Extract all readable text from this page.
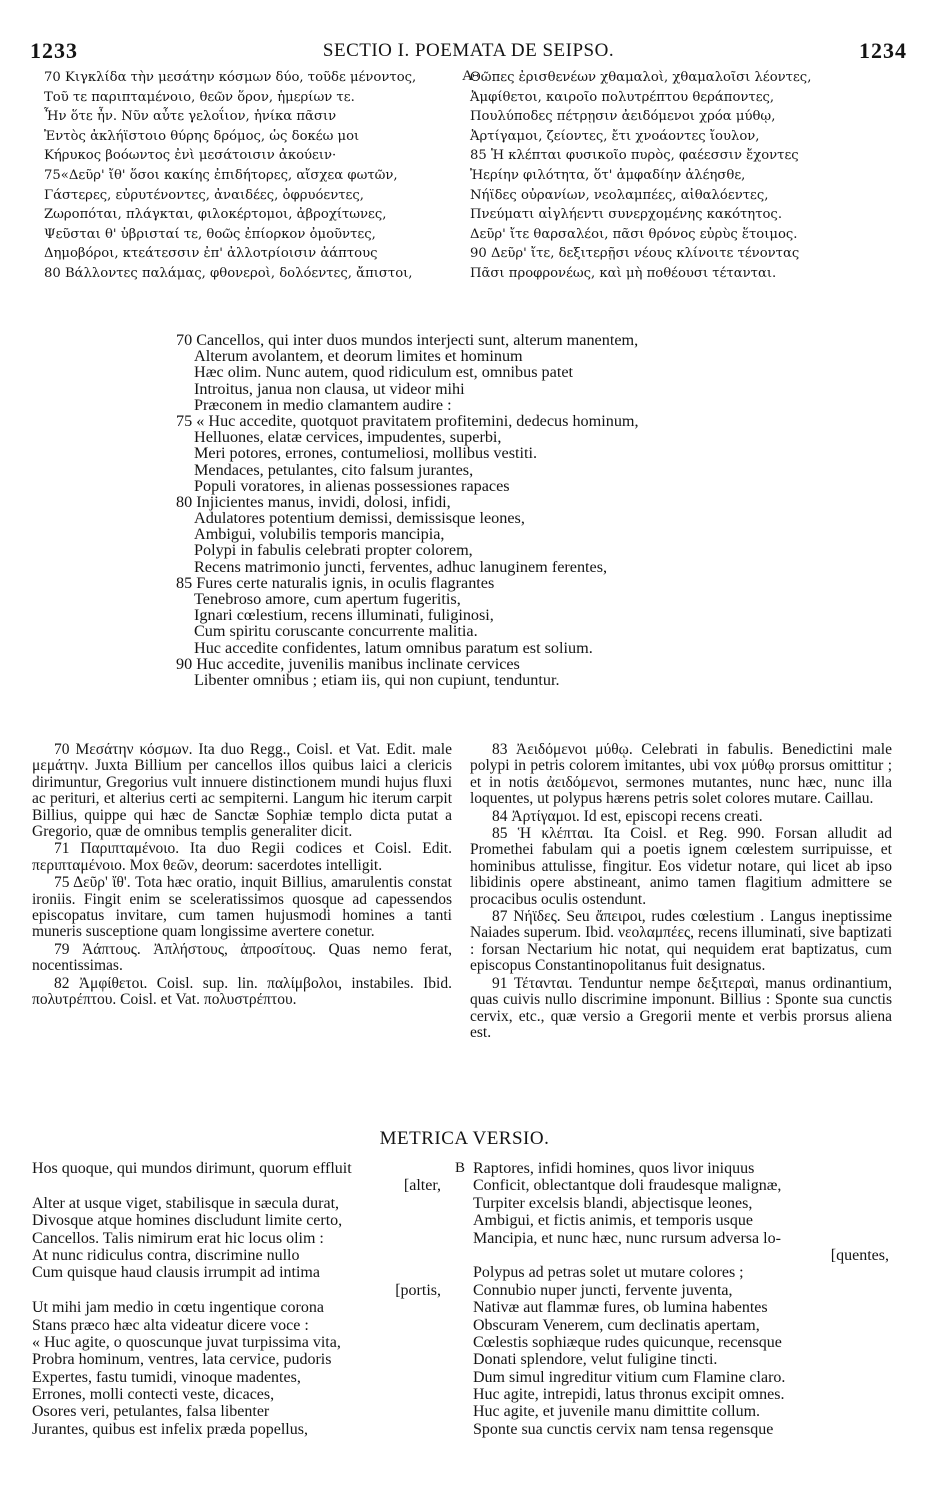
1233	SECTIO I. POEMATA DE SEIPSO.	1234
70 Κιγκλίδα τὴν μεσάτην κόσμων δύο, τοῦδε μένοντος,
Τοῦ τε παριπταμένοιο, θεῶν ὅρον, ἡμερίων τε.
Ἦν ὅτε ἦν. Νῦν αὖτε γελοΐιον, ἡνίκα πᾶσιν
Ἐντὸς ἀκλήϊστοιο θύρης δρόμος, ὡς δοκέω μοι
Κήρυκος βοόωντος ἐνὶ μεσάτοισιν ἀκούειν·
75«Δεῦρ' ἴθ' ὅσοι κακίης ἐπιδήτορες, αἴσχεα φωτῶν,
Γάστερες, εὐρυτένοντες, ἀναιδέες, ὀφρυόεντες,
Ζωροπόται, πλάγκται, φιλοκέρτομοι, ἀβροχίτωνες,
Ψεῦσται θ' ὑβρισταί τε, θοῶς ἐπίορκον ὀμοῦντες,
Δημοβόροι, κτεάτεσσιν ἐπ' ἀλλοτρίοισιν ἀάπτους
80 Βάλλοντες παλάμας, φθονεροὶ, δολόεντες, ἄπιστοι,
A
Θῶπες ἐρισθενέων χθαμαλοὶ, χθαμαλοῖσι λέοντες,
Ἀμφίθετοι, καιροῖο πολυτρέπτου θεράποντες,
Πουλύποδες πέτρῃσιν ἀειδόμενοι χρόα μύθῳ,
Ἀρτίγαμοι, ζείοντες, ἔτι χνοάοντες ἴουλον,
85 Ἡ κλέπται φυσικοῖο πυρὸς, φαέεσσιν ἔχοντες
Ἠερίην φιλότητα, ὅτ' ἀμφαδίην ἀλέησθε,
Νήϊδες οὐρανίων, νεολαμπέες, αἰθαλόεντες,
Πνεύματι αἰγλήεντι συνερχομένης κακότητος.
Δεῦρ' ἴτε θαρσαλέοι, πᾶσι θρόνος εὐρὺς ἕτοιμος.
90 Δεῦρ' ἴτε, δεξιτερῇσι νέους κλίνοιτε τένοντας
Πᾶσι προφρονέως, καὶ μὴ ποθέουσι τέτανται.
70 Cancellos, qui inter duos mundos interjecti sunt, alterum manentem,
Alterum avolantem, et deorum limites et hominum
Hæc olim. Nunc autem, quod ridiculum est, omnibus patet
Introitus, janua non clausa, ut videor mihi
Præconem in medio clamantem audire :
75 « Huc accedite, quotquot pravitatem profitemini, dedecus hominum,
Helluones, elatæ cervices, impudentes, superbi,
Meri potores, errones, contumeliosi, mollibus vestiti.
Mendaces, petulantes, cito falsum jurantes,
Populi voratores, in alienas possessiones rapaces
80 Injicientes manus, invidi, dolosi, infidi,
Adulatores potentium demissi, demissisque leones,
Ambigui, volubilis temporis mancipia,
Polypi in fabulis celebrati propter colorem,
Recens matrimonio juncti, ferventes, adhuc lanuginem ferentes,
85 Fures certe naturalis ignis, in oculis flagrantes
Tenebroso amore, cum apertum fugeritis,
Ignari cœlestium, recens illuminati, fuliginosi,
Cum spiritu coruscante concurrente malitia.
Huc accedite confidentes, latum omnibus paratum est solium.
90 Huc accedite, juvenilis manibus inclinate cervices
Libenter omnibus ; etiam iis, qui non cupiunt, tenduntur.

70 Μεσάτην κόσμων. Ita duo Regg., Coisl. et Vat. Edit. male μεμάτην. Juxta Billium per cancellos illos quibus laici a clericis dirimuntur, Gregorius vult innuere distinctionem mundi hujus fluxi ac perituri, et alterius certi ac sempiterni. Langum hic iterum carpit Billius, quippe qui hæc de Sanctæ Sophiæ templo dicta putat a Gregorio, quæ de omnibus templis generaliter dicit.

71 Παριπταμένοιο. Ita duo Regii codices et Coisl. Edit. περιπταμένοιο. Mox θεῶν, deorum: sacerdotes intelligit.

75 Δεῦρ' ἴθ'. Tota hæc oratio, inquit Billius, amarulentis constat ironiis. Fingit enim se sceleratissimos quosque ad capessendos episcopatus invitare, cum tamen hujusmodi homines a tanti muneris susceptione quam longissime avertere conetur.

79 Ἀάπτους. Ἀπλήστους, ἀπροσίτους. Quas nemo ferat, nocentissimas.

82 Ἀμφίθετοι. Coisl. sup. lin. παλίμβολοι, instabiles. Ibid. πολυτρέπτου. Coisl. et Vat. πολυστρέπτου.

83 Ἀειδόμενοι μύθῳ. Celebrati in fabulis. Benedictini male polypi in petris colorem imitantes, ubi vox μύθῳ prorsus omittitur ; et in notis ἀειδόμενοι, sermones mutantes, nunc hæc, nunc illa loquentes, ut polypus hærens petris solet colores mutare. Caillau.

84 Ἀρτίγαμοι. Id est, episcopi recens creati.

85 Ἡ κλέπται. Ita Coisl. et Reg. 990. Forsan alludit ad Promethei fabulam qui a poetis ignem cœlestem surripuisse, et hominibus attulisse, fingitur. Eos videtur notare, qui licet ab ipso libidinis opere abstineant, animo tamen flagitium admittere se procacibus oculis ostendunt.

87 Νήϊδες. Seu ἄπειροι, rudes cœlestium . Langus ineptissime Naiades superum. Ibid. νεολαμπέες, recens illuminati, sive baptizati : forsan Nectarium hic notat, qui nequidem erat baptizatus, cum episcopus Constantinopolitanus fuit designatus.

91 Τέτανται. Tenduntur nempe δεξιτεραὶ, manus ordinantium, quas cuivis nullo discrimine imponunt. Billius : Sponte sua cunctis cervix, etc., quæ versio a Gregorii mente et verbis prorsus aliena est.

METRICA VERSIO.
Hos quoque, qui mundos dirimunt, quorum effluit
[alter,
Alter at usque viget, stabilisque in sæcula durat,
Divosque atque homines discludunt limite certo,
Cancellos. Talis nimirum erat hic locus olim :
At nunc ridiculus contra, discrimine nullo
Cum quisque haud clausis irrumpit ad intima
[portis,
Ut mihi jam medio in cœtu ingentique corona
Stans præco hæc alta videatur dicere voce :
« Huc agite, o quoscunque juvat turpissima vita,
Probra hominum, ventres, lata cervice, pudoris
Expertes, fastu tumidi, vinoque madentes,
Errones, molli contecti veste, dicaces,
Osores veri, petulantes, falsa libenter
Jurantes, quibus est infelix præda popellus,
B Raptores, infidi homines, quos livor iniquus
Conficit, oblectantque doli fraudesque malignæ,
Turpiter excelsis blandi, abjectisque leones,
Ambigui, et fictis animis, et temporis usque
Mancipia, et nunc hæc, nunc rursum adversa lo-
[quentes,
Polypus ad petras solet ut mutare colores ;
Connubio nuper juncti, fervente juventa,
Nativæ aut flammæ fures, ob lumina habentes
Obscuram Venerem, cum declinatis apertam,
Cœlestis sophiæque rudes quicunque, recensque
Donati splendore, velut fuligine tincti.
Dum simul ingreditur vitium cum Flamine claro.
Huc agite, intrepidi, latus thronus excipit omnes.
Huc agite, et juvenile manu dimittite collum.
Sponte sua cunctis cervix nam tensa regensque
